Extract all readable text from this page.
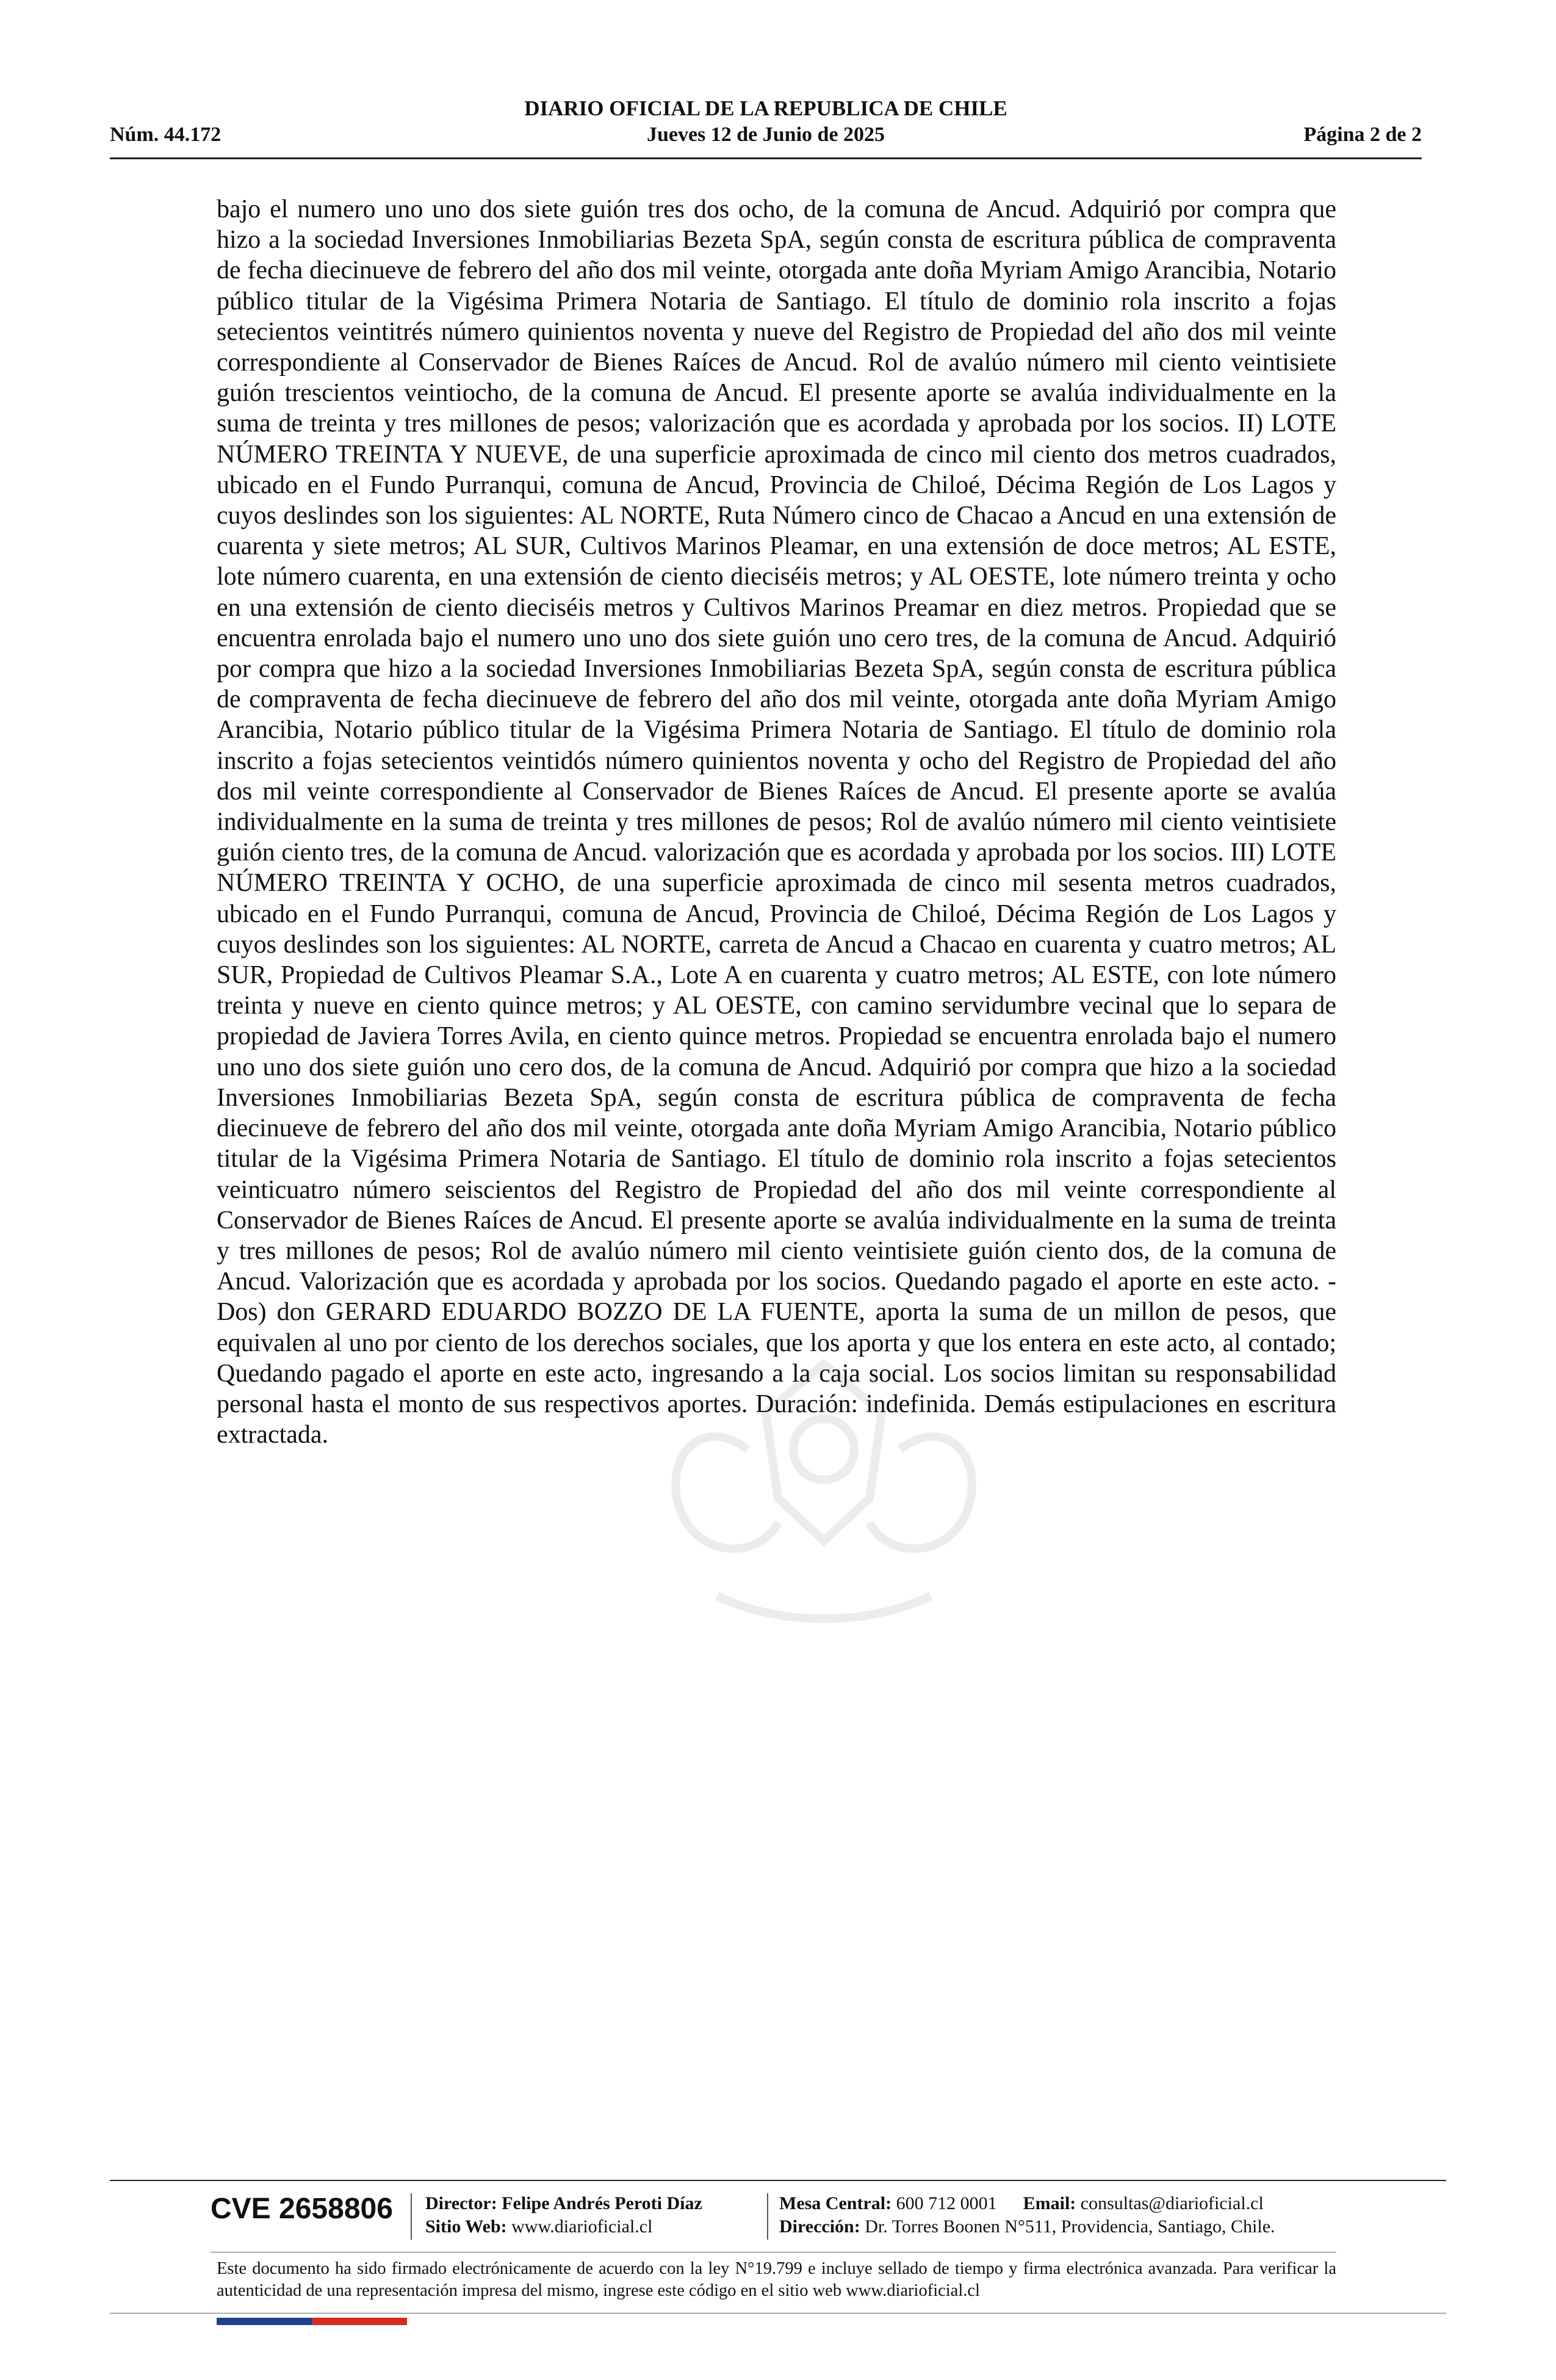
DIARIO OFICIAL DE LA REPUBLICA DE CHILE
Núm. 44.172	Jueves 12 de Junio de 2025	Página 2 de 2
bajo el numero uno uno dos siete guión tres dos ocho, de la comuna de Ancud. Adquirió por compra que hizo a la sociedad Inversiones Inmobiliarias Bezeta SpA, según consta de escritura pública de compraventa de fecha diecinueve de febrero del año dos mil veinte, otorgada ante doña Myriam Amigo Arancibia, Notario público titular de la Vigésima Primera Notaria de Santiago. El título de dominio rola inscrito a fojas setecientos veintitrés número quinientos noventa y nueve del Registro de Propiedad del año dos mil veinte correspondiente al Conservador de Bienes Raíces de Ancud. Rol de avalúo número mil ciento veintisiete guión trescientos veintiocho, de la comuna de Ancud. El presente aporte se avalúa individualmente en la suma de treinta y tres millones de pesos; valorización que es acordada y aprobada por los socios. II) LOTE NÚMERO TREINTA Y NUEVE, de una superficie aproximada de cinco mil ciento dos metros cuadrados, ubicado en el Fundo Purranqui, comuna de Ancud, Provincia de Chiloé, Décima Región de Los Lagos y cuyos deslindes son los siguientes: AL NORTE, Ruta Número cinco de Chacao a Ancud en una extensión de cuarenta y siete metros; AL SUR, Cultivos Marinos Pleamar, en una extensión de doce metros; AL ESTE, lote número cuarenta, en una extensión de ciento dieciséis metros; y AL OESTE, lote número treinta y ocho en una extensión de ciento dieciséis metros y Cultivos Marinos Preamar en diez metros. Propiedad que se encuentra enrolada bajo el numero uno uno dos siete guión uno cero tres, de la comuna de Ancud. Adquirió por compra que hizo a la sociedad Inversiones Inmobiliarias Bezeta SpA, según consta de escritura pública de compraventa de fecha diecinueve de febrero del año dos mil veinte, otorgada ante doña Myriam Amigo Arancibia, Notario público titular de la Vigésima Primera Notaria de Santiago. El título de dominio rola inscrito a fojas setecientos veintidós número quinientos noventa y ocho del Registro de Propiedad del año dos mil veinte correspondiente al Conservador de Bienes Raíces de Ancud. El presente aporte se avalúa individualmente en la suma de treinta y tres millones de pesos; Rol de avalúo número mil ciento veintisiete guión ciento tres, de la comuna de Ancud. valorización que es acordada y aprobada por los socios. III) LOTE NÚMERO TREINTA Y OCHO, de una superficie aproximada de cinco mil sesenta metros cuadrados, ubicado en el Fundo Purranqui, comuna de Ancud, Provincia de Chiloé, Décima Región de Los Lagos y cuyos deslindes son los siguientes: AL NORTE, carreta de Ancud a Chacao en cuarenta y cuatro metros; AL SUR, Propiedad de Cultivos Pleamar S.A., Lote A en cuarenta y cuatro metros; AL ESTE, con lote número treinta y nueve en ciento quince metros; y AL OESTE, con camino servidumbre vecinal que lo separa de propiedad de Javiera Torres Avila, en ciento quince metros. Propiedad se encuentra enrolada bajo el numero uno uno dos siete guión uno cero dos, de la comuna de Ancud. Adquirió por compra que hizo a la sociedad Inversiones Inmobiliarias Bezeta SpA, según consta de escritura pública de compraventa de fecha diecinueve de febrero del año dos mil veinte, otorgada ante doña Myriam Amigo Arancibia, Notario público titular de la Vigésima Primera Notaria de Santiago. El título de dominio rola inscrito a fojas setecientos veinticuatro número seiscientos del Registro de Propiedad del año dos mil veinte correspondiente al Conservador de Bienes Raíces de Ancud. El presente aporte se avalúa individualmente en la suma de treinta y tres millones de pesos; Rol de avalúo número mil ciento veintisiete guión ciento dos, de la comuna de Ancud. Valorización que es acordada y aprobada por los socios. Quedando pagado el aporte en este acto. - Dos) don GERARD EDUARDO BOZZO DE LA FUENTE, aporta la suma de un millon de pesos, que equivalen al uno por ciento de los derechos sociales, que los aporta y que los entera en este acto, al contado; Quedando pagado el aporte en este acto, ingresando a la caja social. Los socios limitan su responsabilidad personal hasta el monto de sus respectivos aportes. Duración: indefinida. Demás estipulaciones en escritura extractada.
CVE 2658806 Director: Felipe Andrés Peroti Díaz
Sitio Web: www.diarioficial.cl
Mesa Central: 600 712 0001 Email: consultas@diarioficial.cl
Dirección: Dr. Torres Boonen N°511, Providencia, Santiago, Chile.
Este documento ha sido firmado electrónicamente de acuerdo con la ley N°19.799 e incluye sellado de tiempo y firma electrónica avanzada. Para verificar la autenticidad de una representación impresa del mismo, ingrese este código en el sitio web www.diarioficial.cl
